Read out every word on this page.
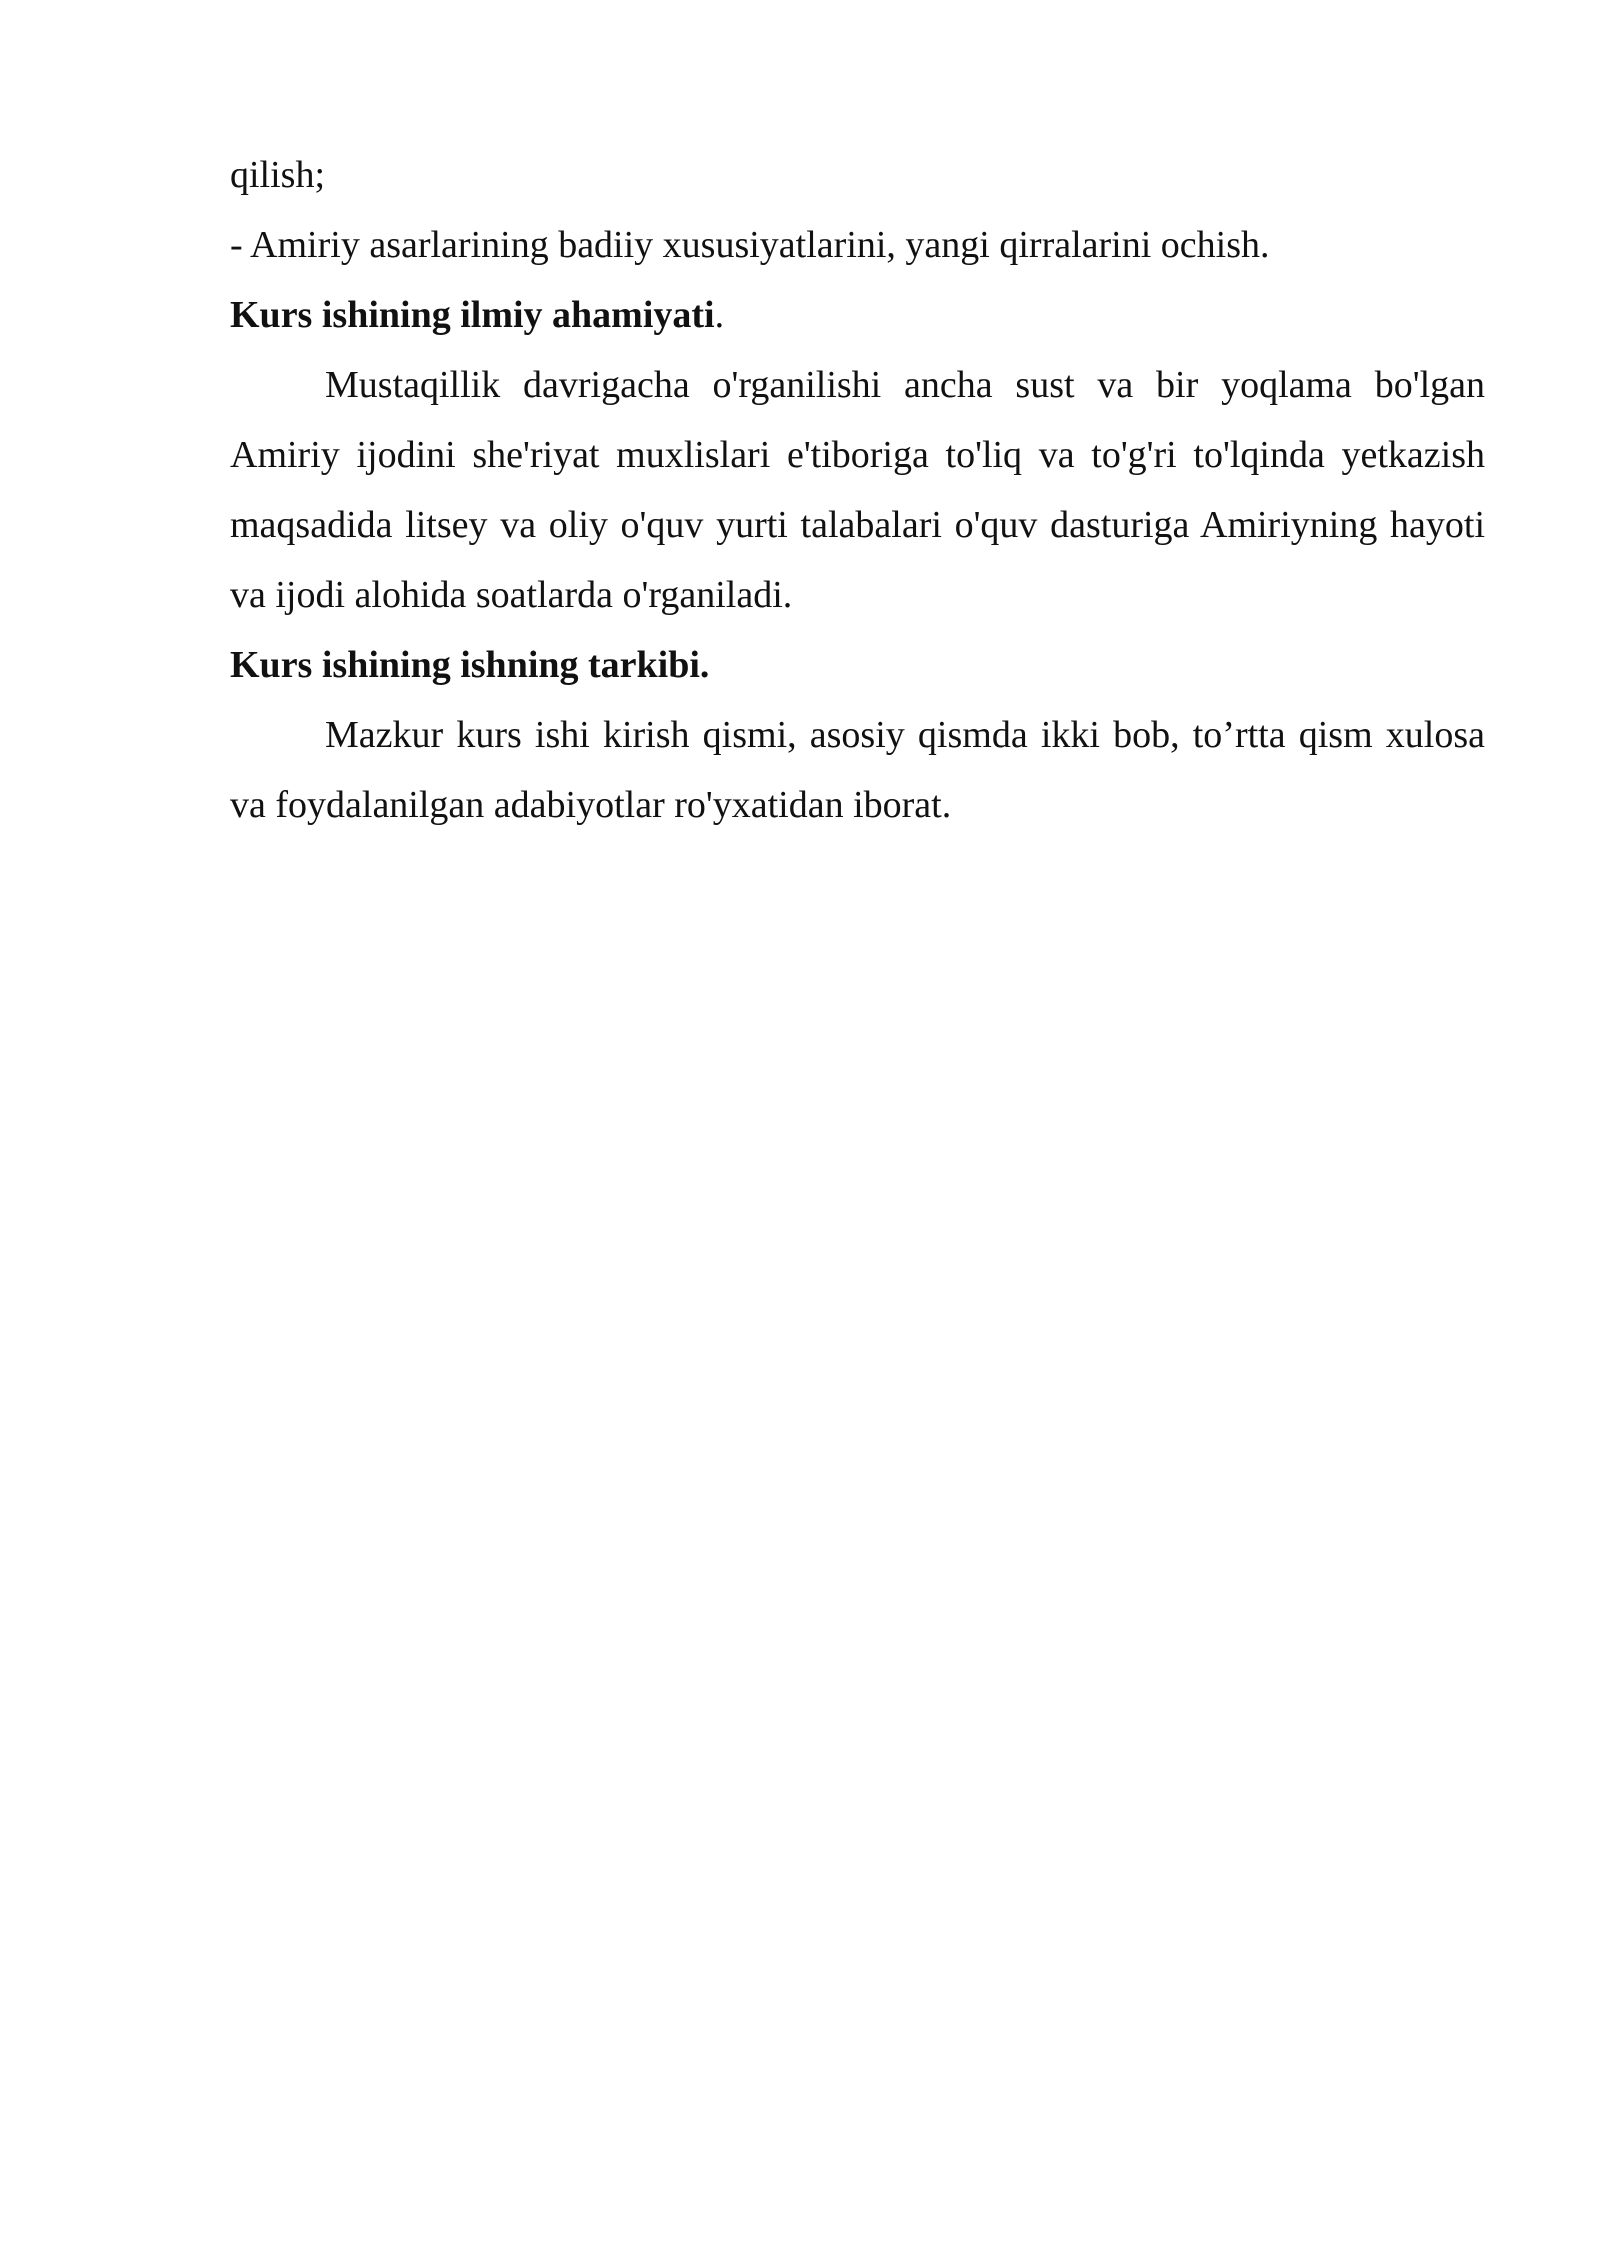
qilish;

- Amiriy asarlarining badiiy xususiyatlarini, yangi qirralarini ochish.

Kurs ishining ilmiy ahamiyati.

Mustaqillik davrigacha o'rganilishi ancha sust va bir yoqlama bo'lgan Amiriy ijodini she'riyat muxlislari e'tiboriga to'liq va to'g'ri to'lqinda yetkazish maqsadida litsey va oliy o'quv yurti talabalari o'quv dasturiga Amiriyning hayoti va ijodi alohida soatlarda o'rganiladi.

Kurs ishining ishning tarkibi.

Mazkur kurs ishi kirish qismi, asosiy qismda ikki bob, to’rtta qism xulosa va foydalanilgan adabiyotlar ro'yxatidan iborat.
